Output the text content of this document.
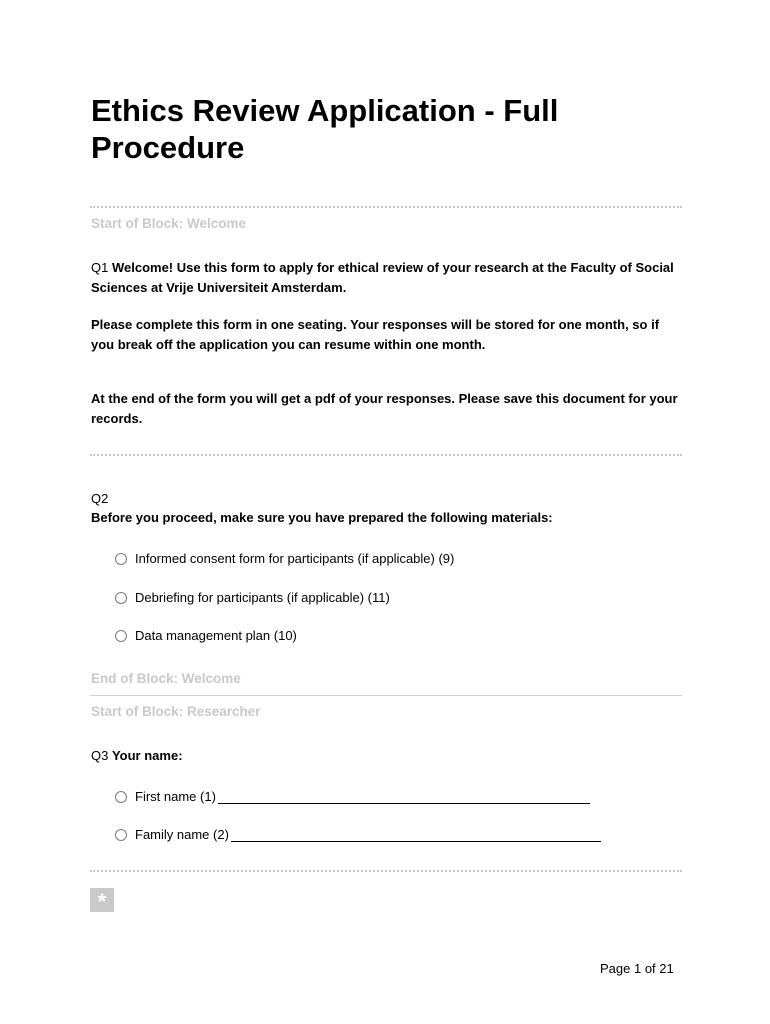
Ethics Review Application - Full Procedure
Start of Block: Welcome
Q1 Welcome! Use this form to apply for ethical review of your research at the Faculty of Social Sciences at Vrije Universiteit Amsterdam.
Please complete this form in one seating. Your responses will be stored for one month, so if you break off the application you can resume within one month.
At the end of the form you will get a pdf of your responses. Please save this document for your records.
Q2
Before you proceed, make sure you have prepared the following materials:
Informed consent form for participants (if applicable) (9)
Debriefing for participants (if applicable) (11)
Data management plan (10)
End of Block: Welcome
Start of Block: Researcher
Q3 Your name:
First name (1)
Family name (2)
*
Page 1 of 21
